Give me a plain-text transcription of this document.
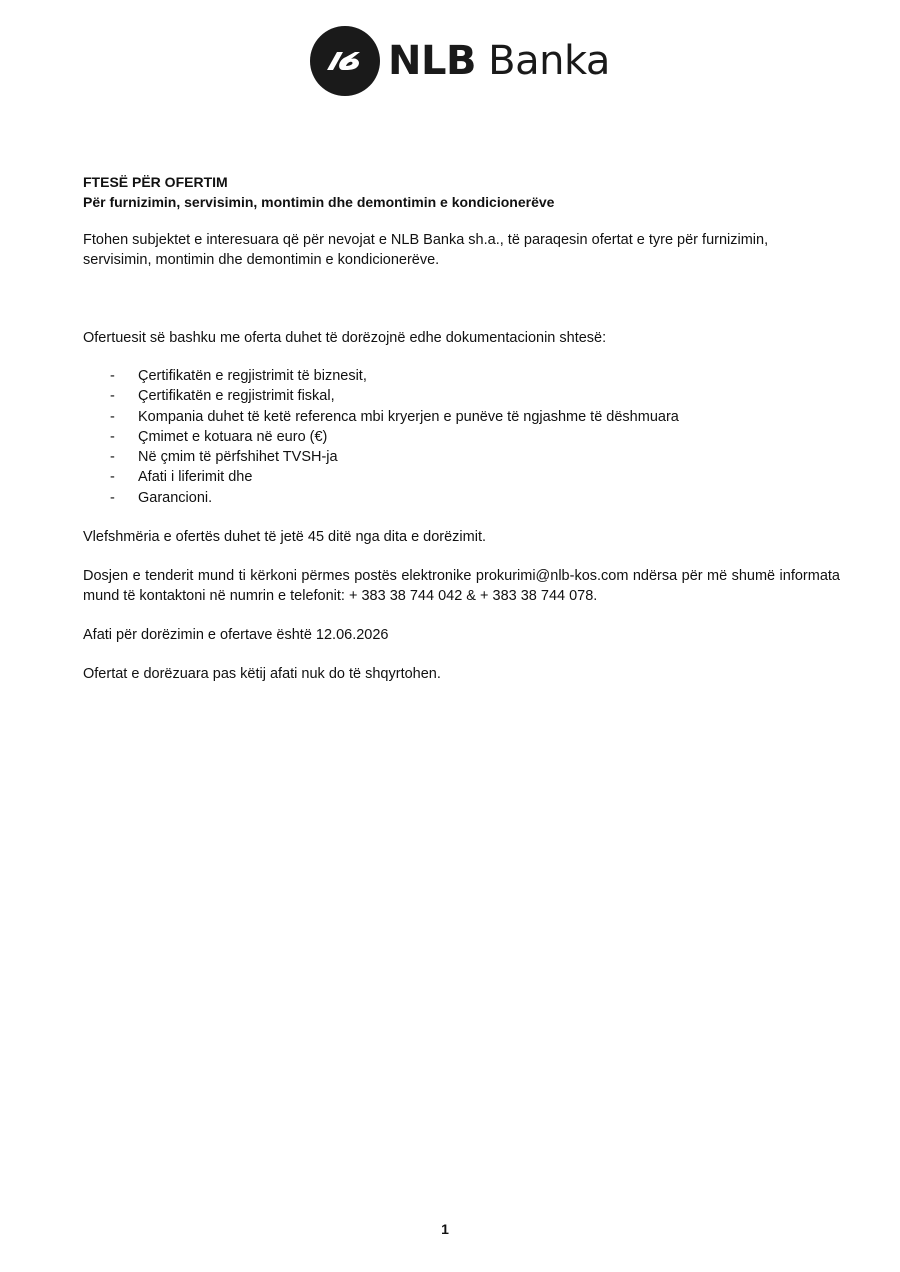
NLB Banka

FTESË PËR OFERTIM

Për furnizimin, servisimin, montimin dhe demontimin e kondicionerëve

Ftohen subjektet e interesuara që për nevojat e NLB Banka sh.a., të paraqesin ofertat e tyre për furnizimin, servisimin, montimin dhe demontimin e kondicionerëve.

Ofertuesit së bashku me oferta duhet të dorëzojnë edhe dokumentacionin shtesë:

- Çertifikatën e regjistrimit të biznesit,
- Çertifikatën e regjistrimit fiskal,
- Kompania duhet të ketë referenca mbi kryerjen e punëve të ngjashme të dëshmuara
- Çmimet e kotuara në euro (€)
- Në çmim të përfshihet TVSH-ja
- Afati i liferimit dhe
- Garancioni.

Vlefshmëria e ofertës duhet të jetë 45 ditë nga dita e dorëzimit.

Dosjen e tenderit mund ti kërkoni përmes postës elektronike prokurimi@nlb-kos.com ndërsa për më shumë informata mund të kontaktoni në numrin e telefonit: + 383 38 744 042 & + 383 38 744 078.

Afati për dorëzimin e ofertave është 12.06.2026

Ofertat e dorëzuara pas këtij afati nuk do të shqyrtohen.

1
